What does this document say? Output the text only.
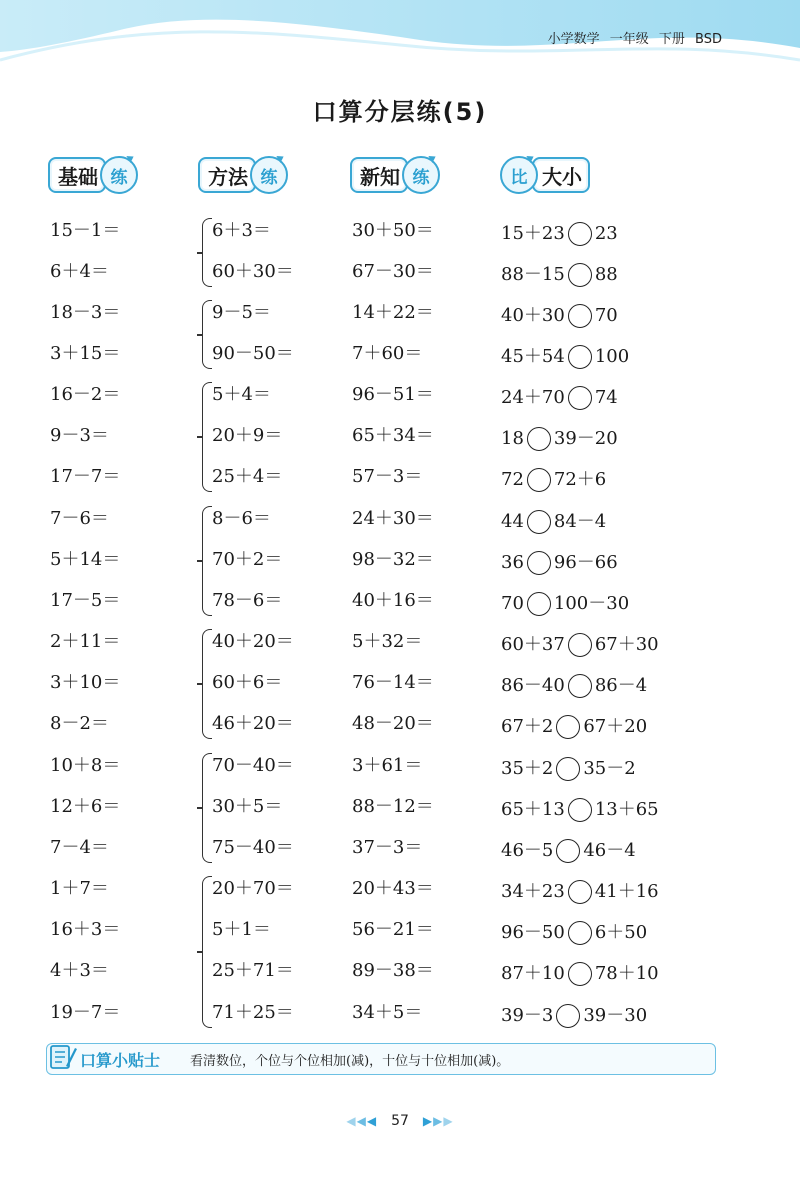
小学数学 一年级 下册 BSD
口算分层练(5)
基础 练	方法 练	新知 练	比 大小
15－1＝	6＋3＝	30＋50＝	15＋23 23
6＋4＝	60＋30＝	67－30＝	88－15 88
18－3＝	9－5＝	14＋22＝	40＋30 70
3＋15＝	90－50＝	7＋60＝	45＋54 100
16－2＝	5＋4＝	96－51＝	24＋70 74
9－3＝	20＋9＝	65＋34＝	18 39－20
17－7＝	25＋4＝	57－3＝	72 72＋6
7－6＝	8－6＝	24＋30＝	44 84－4
5＋14＝	70＋2＝	98－32＝	36 96－66
17－5＝	78－6＝	40＋16＝	70 100－30
2＋11＝	40＋20＝	5＋32＝	60＋37 67＋30
3＋10＝	60＋6＝	76－14＝	86－40 86－4
8－2＝	46＋20＝	48－20＝	67＋2 67＋20
10＋8＝	70－40＝	3＋61＝	35＋2 35－2
12＋6＝	30＋5＝	88－12＝	65＋13 13＋65
7－4＝	75－40＝	37－3＝	46－5 46－4
1＋7＝	20＋70＝	20＋43＝	34＋23 41＋16
16＋3＝	5＋1＝	56－21＝	96－50 6＋50
4＋3＝	25＋71＝	89－38＝	87＋10 78＋10
19－7＝	71＋25＝	34＋5＝	39－3 39－30
口算小贴士 看清数位，个位与个位相加(减)，十位与十位相加(减)。
◀◀◀ 57 ▶▶▶
